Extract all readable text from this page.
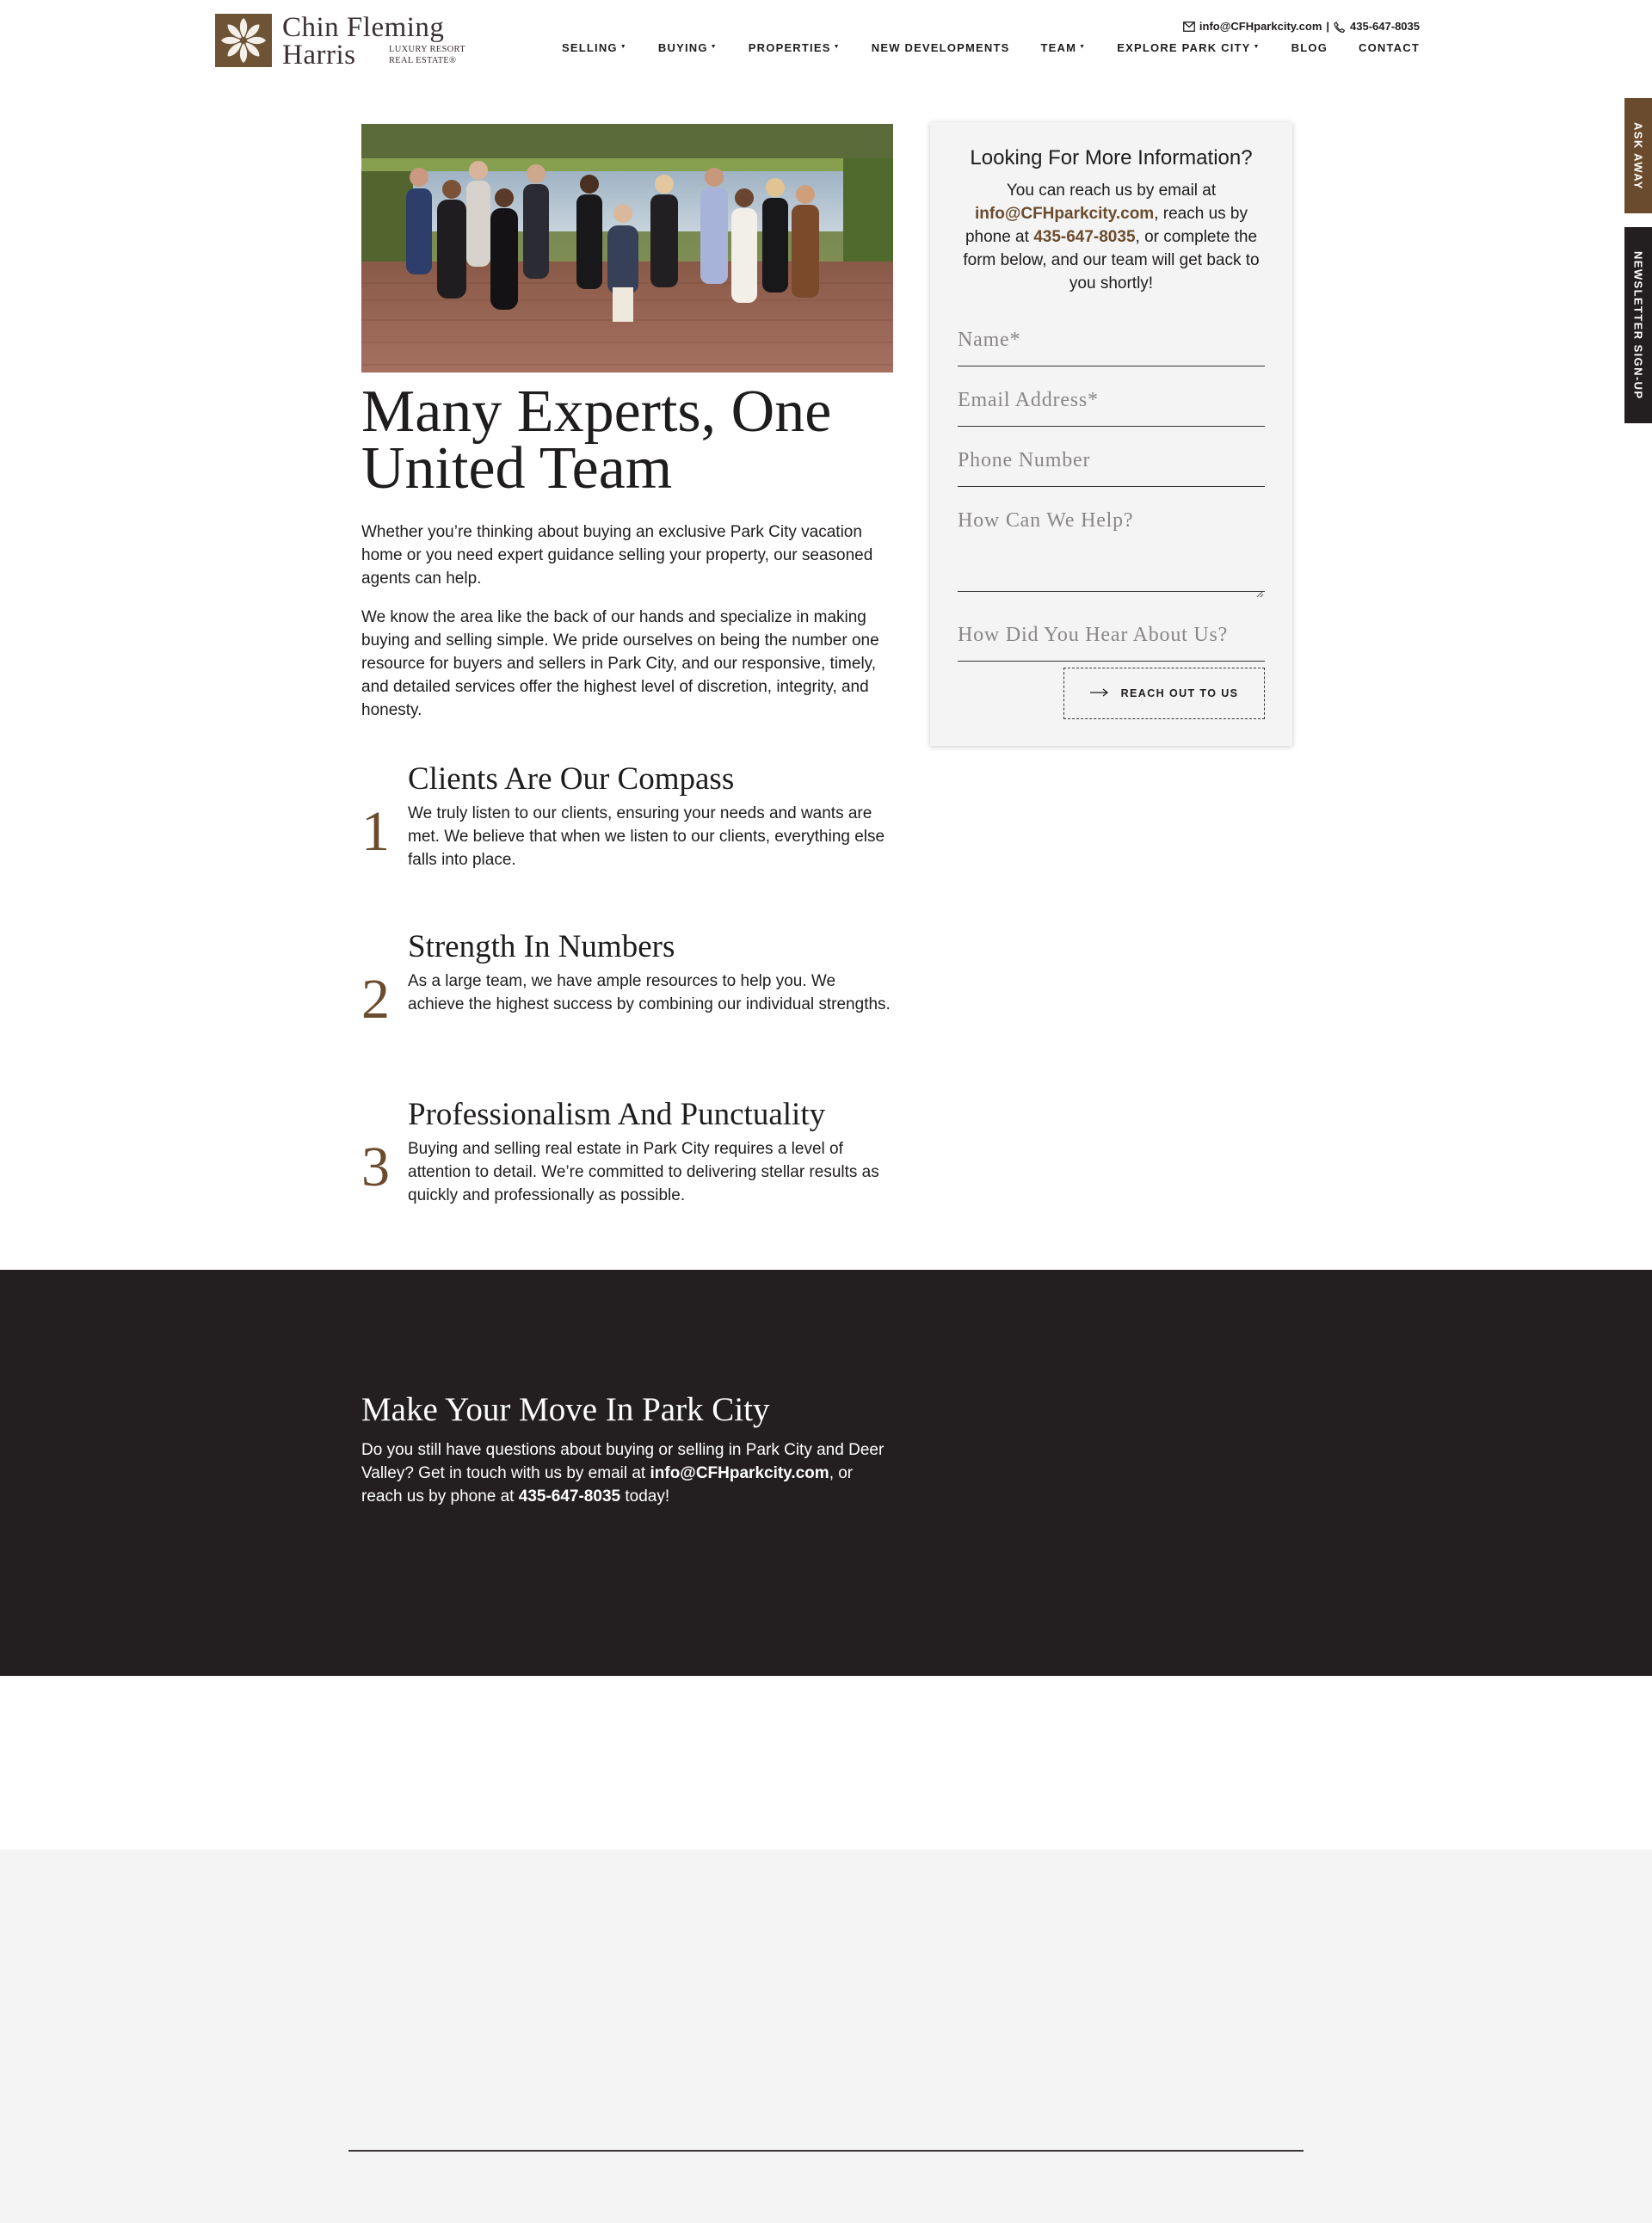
Chin Fleming
Harris	LUXURY RESORT
REAL ESTATE®
info@CFHparkcity.com | 435-647-8035
SELLING ▼	BUYING ▼	PROPERTIES ▼	NEW DEVELOPMENTS	TEAM ▼	EXPLORE PARK CITY ▼	BLOG	CONTACT
ASK AWAY
NEWSLETTER SIGN-UP
Many Experts, One United Team

Whether you’re thinking about buying an exclusive Park City vacation home or you need expert guidance selling your property, our seasoned agents can help.

We know the area like the back of our hands and specialize in making buying and selling simple. We pride ourselves on being the number one resource for buyers and sellers in Park City, and our responsive, timely, and detailed services offer the highest level of discretion, integrity, and honesty.

1
Clients Are Our Compass

We truly listen to our clients, ensuring your needs and wants are met. We believe that when we listen to our clients, everything else falls into place.

2
Strength In Numbers

As a large team, we have ample resources to help you. We achieve the highest success by combining our individual strengths.

3
Professionalism And Punctuality

Buying and selling real estate in Park City requires a level of attention to detail. We’re committed to delivering stellar results as quickly and professionally as possible.

Looking For More Information?
You can reach us by email at info@CFHparkcity.com, reach us by phone at 435-647-8035, or complete the form below, and our team will get back to you shortly!
Name*
Email Address*
Phone Number
How Can We Help?
How Did You Hear About Us?
REACH OUT TO US
Make Your Move In Park City

Do you still have questions about buying or selling in Park City and Deer Valley? Get in touch with us by email at info@CFHparkcity.com, or reach us by phone at 435-647-8035 today!
